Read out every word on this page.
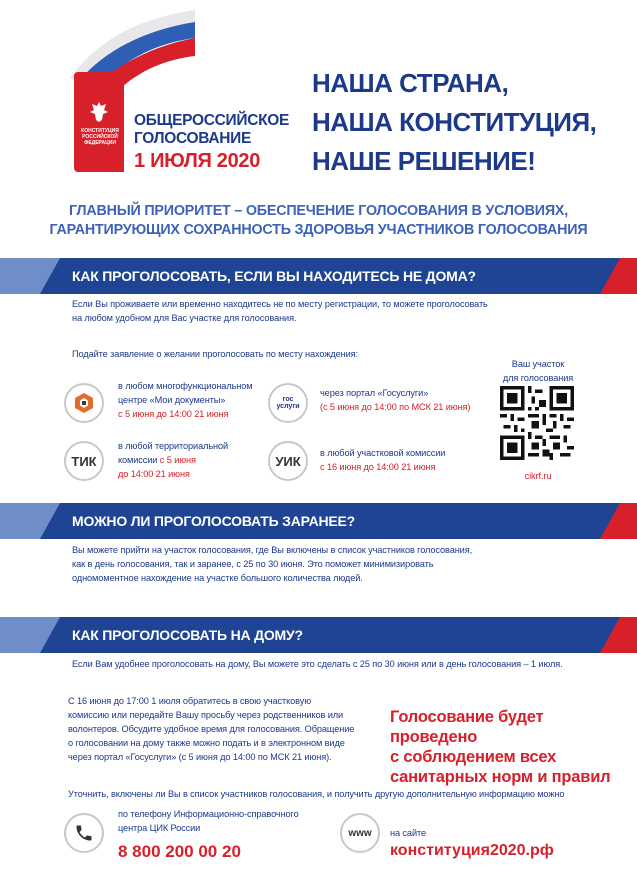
КОНСТИТУЦИЯ РОССИЙСКОЙ ФЕДЕРАЦИИ
ОБЩЕРОССИЙСКОЕ
ГОЛОСОВАНИЕ
1 ИЮЛЯ 2020
НАША СТРАНА,
НАША КОНСТИТУЦИЯ,
НАШЕ РЕШЕНИЕ!
ГЛАВНЫЙ ПРИОРИТЕТ – ОБЕСПЕЧЕНИЕ ГОЛОСОВАНИЯ В УСЛОВИЯХ,
ГАРАНТИРУЮЩИХ СОХРАННОСТЬ ЗДОРОВЬЯ УЧАСТНИКОВ ГОЛОСОВАНИЯ
КАК ПРОГОЛОСОВАТЬ, ЕСЛИ ВЫ НАХОДИТЕСЬ НЕ ДОМА?
Если Вы проживаете или временно находитесь не по месту регистрации, то можете проголосовать
на любом удобном для Вас участке для голосования.
Подайте заявление о желании проголосовать по месту нахождения:
в любом многофункциональном
центре «Мои документы»
с 5 июня до 14:00 21 июня
гос
услуги
через портал «Госуслуги»
(с 5 июня до 14:00 по МСК 21 июня)
ТИК
в любой территориальной
комиссии с 5 июня
до 14:00 21 июня
УИК
в любой участковой комиссии
с 16 июня до 14:00 21 июня
Ваш участок
для голосования
cikrf.ru
МОЖНО ЛИ ПРОГОЛОСОВАТЬ ЗАРАНЕЕ?
Вы можете прийти на участок голосования, где Вы включены в список участников голосования,
как в день голосования, так и заранее, с 25 по 30 июня. Это поможет минимизировать
одномоментное нахождение на участке большого количества людей.
КАК ПРОГОЛОСОВАТЬ НА ДОМУ?
Если Вам удобнее проголосовать на дому, Вы можете это сделать с 25 по 30 июня или в день голосования – 1 июля.
С 16 июня до 17:00 1 июля обратитесь в свою участковую
комиссию или передайте Вашу просьбу через родственников или
волонтеров. Обсудите удобное время для голосования. Обращение
о голосовании на дому также можно подать и в электронном виде
через портал «Госуслуги» (с 5 июня до 14:00 по МСК 21 июня).
Голосование будет проведено
с соблюдением всех
санитарных норм и правил
Уточнить, включены ли Вы в список участников голосования, и получить другую дополнительную информацию можно
по телефону Информационно-справочного
центра ЦИК России
8 800 200 00 20
www	на сайте
конституция2020.рф
